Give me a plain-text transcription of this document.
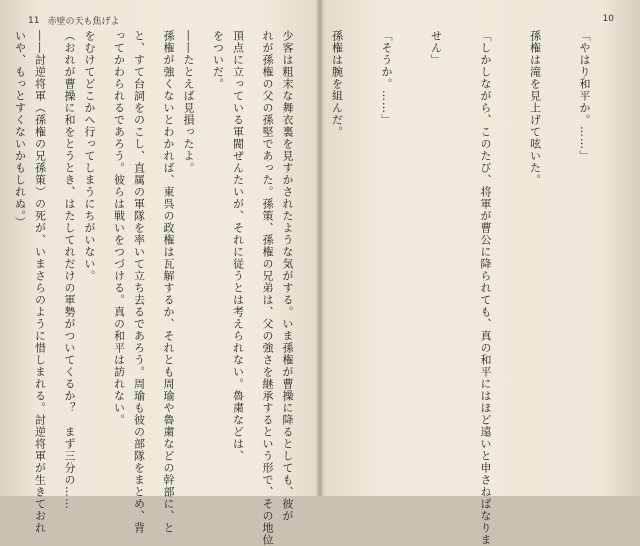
11 赤壁の天も焦げよ

れが孫権の父の孫堅であった。孫策、孫権の兄弟は、父の強さを継承するという形で、その地位

をついだ。

孫権が強くないとわかれば、東呉の政権は瓦解するか、それとも周瑜や魯粛などの幹部に、と

ってかわられるであろう。彼らは戦いをつづける。真の和平は訪れない。

（おれが曹操に和をとうとき、はたしてれだけの軍勢がついてくるか？　まず三分の……

いや、もっとすくないかもしれぬ。）

10

「やはり和平か。……」

孫権は滝を見上げて呟いた。

「しかしながら、このたび、将軍が曹公に降られても、真の和平にはほど遠いと申さねばなりま

せん」

「そうか。……」

孫権は腕を組んだ。

少客は粗末な舞衣裏を見すかされたような気がする。いま孫権が曹操に降るとしても、彼が

頂点に立っている軍閥ぜんたいが、それに従うとは考えられない。魯粛などは、

――たとえば見損ったよ。

と、すて台詞をのこし、直属の軍隊を率いて立ち去るであろう。周瑜も彼の部隊をまとめ、背

をむけてどこかへ行ってしまうにちがいない。

――討逆将軍（孫権の兄孫策）の死が、いまさらのように惜しまれる。討逆将軍が生きておれ
